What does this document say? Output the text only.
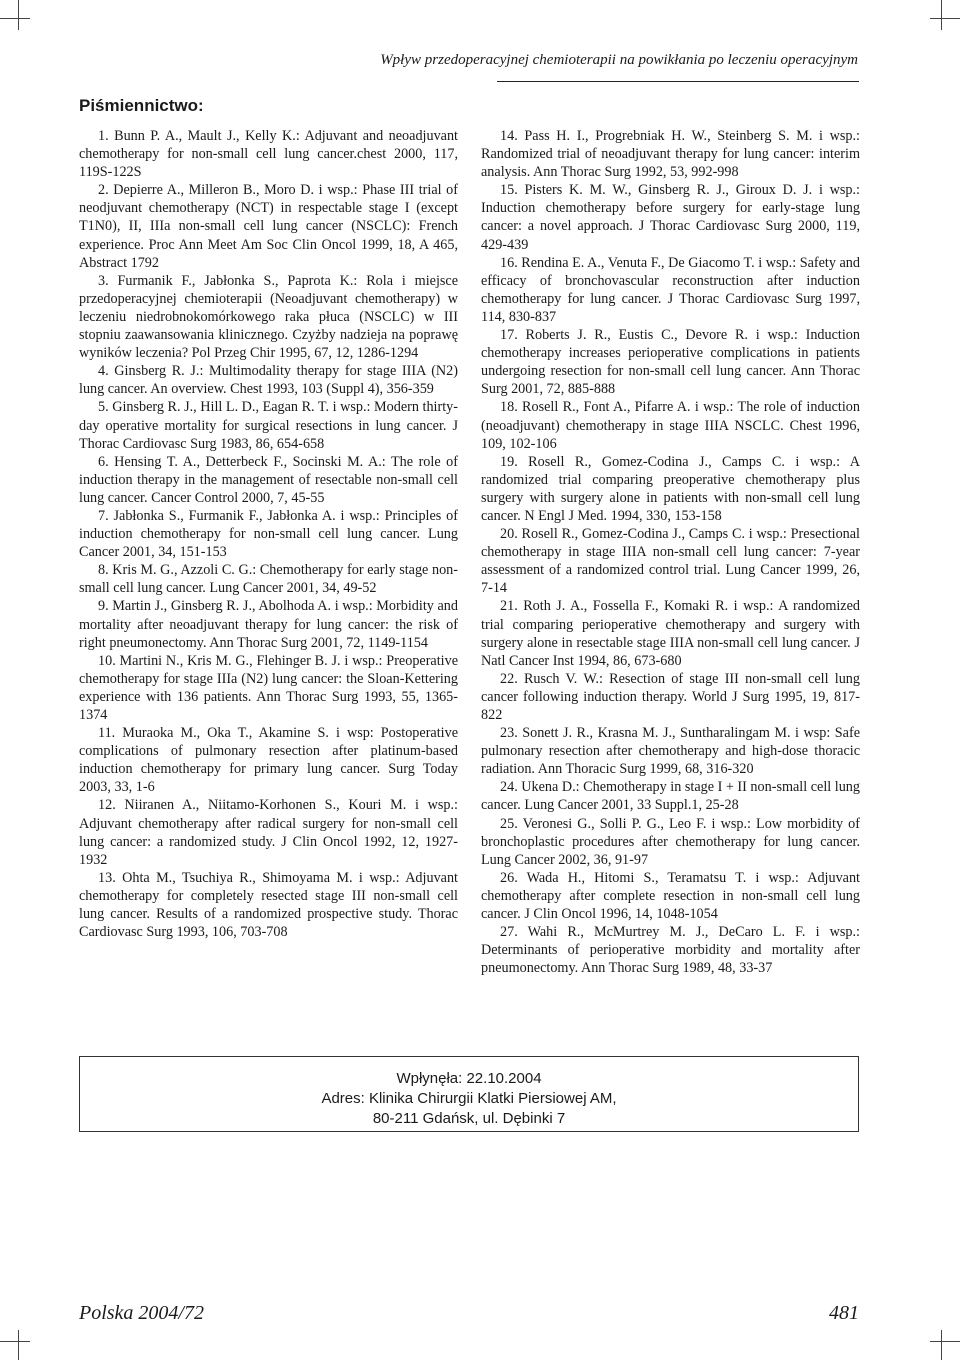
Wpływ przedoperacyjnej chemioterapii na powikłania po leczeniu operacyjnym
Piśmiennictwo:
1. Bunn P. A., Mault J., Kelly K.: Adjuvant and neoadjuvant chemotherapy for non-small cell lung cancer.chest 2000, 117, 119S-122S
2. Depierre A., Milleron B., Moro D. i wsp.: Phase III trial of neodjuvant chemotherapy (NCT) in respectable stage I (except T1N0), II, IIIa non-small cell lung cancer (NSCLC): French experience. Proc Ann Meet Am Soc Clin Oncol 1999, 18, A 465, Abstract 1792
3. Furmanik F., Jabłonka S., Paprota K.: Rola i miejsce przedoperacyjnej chemioterapii (Neoadjuvant chemotherapy) w leczeniu niedrobnokomórkowego raka płuca (NSCLC) w III stopniu zaawansowania klinicznego. Czyżby nadzieja na poprawę wyników leczenia? Pol Przeg Chir 1995, 67, 12, 1286-1294
4. Ginsberg R. J.: Multimodality therapy for stage IIIA (N2) lung cancer. An overview. Chest 1993, 103 (Suppl 4), 356-359
5. Ginsberg R. J., Hill L. D., Eagan R. T. i wsp.: Modern thirty-day operative mortality for surgical resections in lung cancer. J Thorac Cardiovasc Surg 1983, 86, 654-658
6. Hensing T. A., Detterbeck F., Socinski M. A.: The role of induction therapy in the management of resectable non-small cell lung cancer. Cancer Control 2000, 7, 45-55
7. Jabłonka S., Furmanik F., Jabłonka A. i wsp.: Principles of induction chemotherapy for non-small cell lung cancer. Lung Cancer 2001, 34, 151-153
8. Kris M. G., Azzoli C. G.: Chemotherapy for early stage non-small cell lung cancer. Lung Cancer 2001, 34, 49-52
9. Martin J., Ginsberg R. J., Abolhoda A. i wsp.: Morbidity and mortality after neoadjuvant therapy for lung cancer: the risk of right pneumonectomy. Ann Thorac Surg 2001, 72, 1149-1154
10. Martini N., Kris M. G., Flehinger B. J. i wsp.: Preoperative chemotherapy for stage IIIa (N2) lung cancer: the Sloan-Kettering experience with 136 patients. Ann Thorac Surg 1993, 55, 1365-1374
11. Muraoka M., Oka T., Akamine S. i wsp: Postoperative complications of pulmonary resection after platinum-based induction chemotherapy for primary lung cancer. Surg Today 2003, 33, 1-6
12. Niiranen A., Niitamo-Korhonen S., Kouri M. i wsp.: Adjuvant chemotherapy after radical surgery for non-small cell lung cancer: a randomized study. J Clin Oncol 1992, 12, 1927-1932
13. Ohta M., Tsuchiya R., Shimoyama M. i wsp.: Adjuvant chemotherapy for completely resected stage III non-small cell lung cancer. Results of a randomized prospective study. Thorac Cardiovasc Surg 1993, 106, 703-708
14. Pass H. I., Progrebniak H. W., Steinberg S. M. i wsp.: Randomized trial of neoadjuvant therapy for lung cancer: interim analysis. Ann Thorac Surg 1992, 53, 992-998
15. Pisters K. M. W., Ginsberg R. J., Giroux D. J. i wsp.: Induction chemotherapy before surgery for early-stage lung cancer: a novel approach. J Thorac Cardiovasc Surg 2000, 119, 429-439
16. Rendina E. A., Venuta F., De Giacomo T. i wsp.: Safety and efficacy of bronchovascular reconstruction after induction chemotherapy for lung cancer. J Thorac Cardiovasc Surg 1997, 114, 830-837
17. Roberts J. R., Eustis C., Devore R. i wsp.: Induction chemotherapy increases perioperative complications in patients undergoing resection for non-small cell lung cancer. Ann Thorac Surg 2001, 72, 885-888
18. Rosell R., Font A., Pifarre A. i wsp.: The role of induction (neoadjuvant) chemotherapy in stage IIIA NSCLC. Chest 1996, 109, 102-106
19. Rosell R., Gomez-Codina J., Camps C. i wsp.: A randomized trial comparing preoperative chemotherapy plus surgery with surgery alone in patients with non-small cell lung cancer. N Engl J Med. 1994, 330, 153-158
20. Rosell R., Gomez-Codina J., Camps C. i wsp.: Presectional chemotherapy in stage IIIA non-small cell lung cancer: 7-year assessment of a randomized control trial. Lung Cancer 1999, 26, 7-14
21. Roth J. A., Fossella F., Komaki R. i wsp.: A randomized trial comparing perioperative chemotherapy and surgery with surgery alone in resectable stage IIIA non-small cell lung cancer. J Natl Cancer Inst 1994, 86, 673-680
22. Rusch V. W.: Resection of stage III non-small cell lung cancer following induction therapy. World J Surg 1995, 19, 817-822
23. Sonett J. R., Krasna M. J., Suntharalingam M. i wsp: Safe pulmonary resection after chemotherapy and high-dose thoracic radiation. Ann Thoracic Surg 1999, 68, 316-320
24. Ukena D.: Chemotherapy in stage I + II non-small cell lung cancer. Lung Cancer 2001, 33 Suppl.1, 25-28
25. Veronesi G., Solli P. G., Leo F. i wsp.: Low morbidity of bronchoplastic procedures after chemotherapy for lung cancer. Lung Cancer 2002, 36, 91-97
26. Wada H., Hitomi S., Teramatsu T. i wsp.: Adjuvant chemotherapy after complete resection in non-small cell lung cancer. J Clin Oncol 1996, 14, 1048-1054
27. Wahi R., McMurtrey M. J., DeCaro L. F. i wsp.: Determinants of perioperative morbidity and mortality after pneumonectomy. Ann Thorac Surg 1989, 48, 33-37
Wpłynęła: 22.10.2004
Adres: Klinika Chirurgii Klatki Piersiowej AM,
80-211 Gdańsk, ul. Dębinki 7
Polska 2004/72	481
